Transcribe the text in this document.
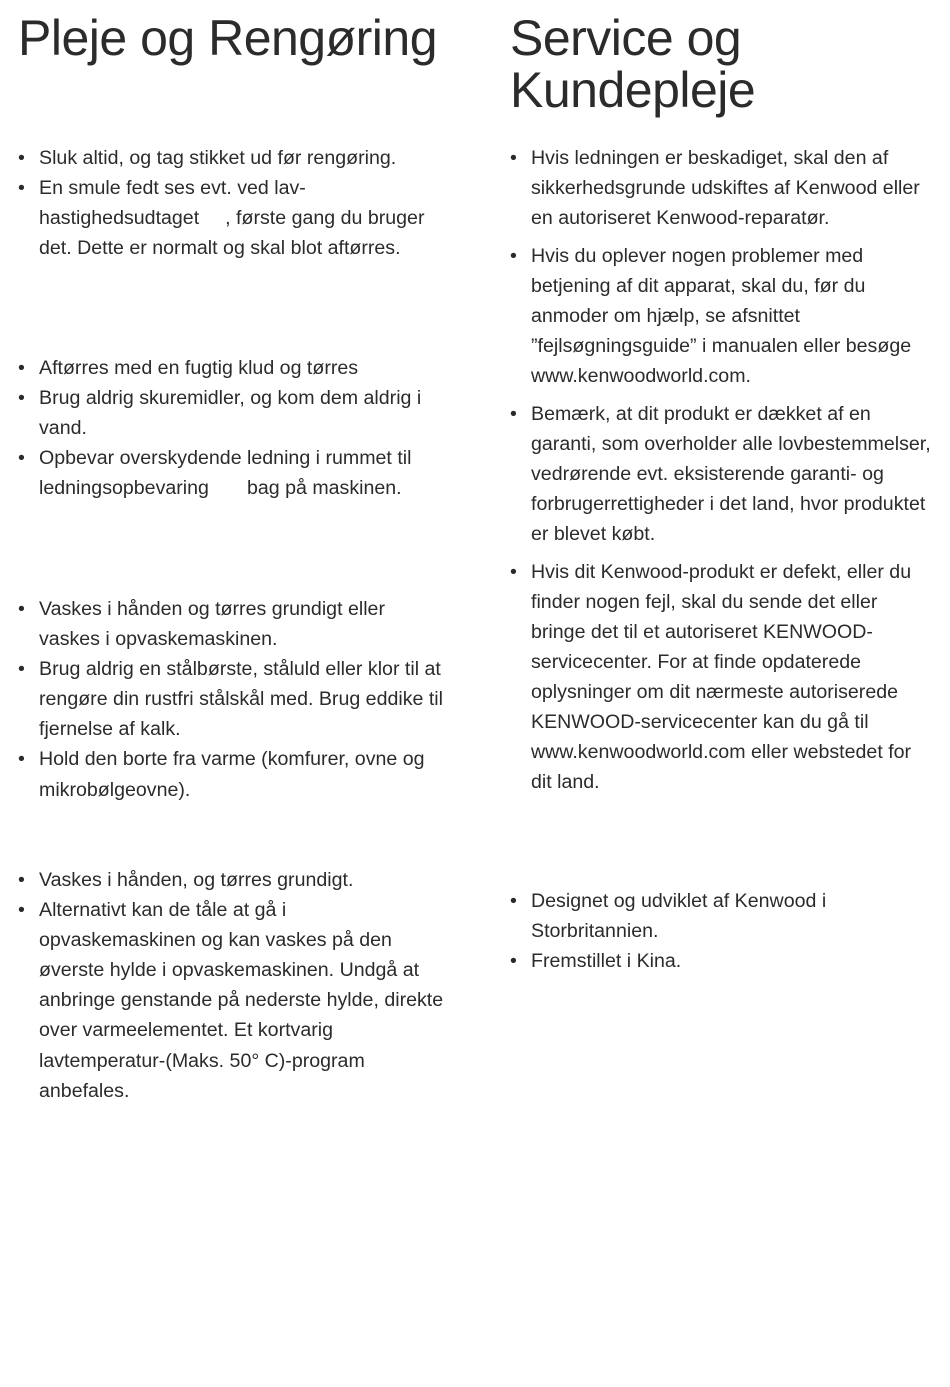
Pleje og Rengøring
• Sluk altid, og tag stikket ud før rengøring.
• En smule fedt ses evt. ved lav-hastighedsudtaget , første gang du bruger det. Dette er normalt og skal blot aftørres.
• Aftørres med en fugtig klud og tørres
• Brug aldrig skuremidler, og kom dem aldrig i vand.
• Opbevar overskydende ledning i rummet til ledningsopbevaring bag på maskinen.
• Vaskes i hånden og tørres grundigt eller vaskes i opvaskemaskinen.
• Brug aldrig en stålbørste, ståluld eller klor til at rengøre din rustfri stålskål med. Brug eddike til fjernelse af kalk.
• Hold den borte fra varme (komfurer, ovne og mikrobølgeovne).
• Vaskes i hånden, og tørres grundigt.
• Alternativt kan de tåle at gå i opvaskemaskinen og kan vaskes på den øverste hylde i opvaskemaskinen. Undgå at anbringe genstande på nederste hylde, direkte over varmeelementet. Et kortvarig lavtemperatur-(Maks. 50° C)-program anbefales.
Service og Kundepleje
• Hvis ledningen er beskadiget, skal den af sikkerhedsgrunde udskiftes af Kenwood eller en autoriseret Kenwood-reparatør.
• Hvis du oplever nogen problemer med betjening af dit apparat, skal du, før du anmoder om hjælp, se afsnittet ”fejlsøgningsguide” i manualen eller besøge www.kenwoodworld.com.
• Bemærk, at dit produkt er dækket af en garanti, som overholder alle lovbestemmelser, vedrørende evt. eksisterende garanti- og forbrugerrettigheder i det land, hvor produktet er blevet købt.
• Hvis dit Kenwood-produkt er defekt, eller du finder nogen fejl, skal du sende det eller bringe det til et autoriseret KENWOOD-servicecenter. For at finde opdaterede oplysninger om dit nærmeste autoriserede KENWOOD-servicecenter kan du gå til www.kenwoodworld.com eller webstedet for dit land.
• Designet og udviklet af Kenwood i Storbritannien.
• Fremstillet i Kina.
